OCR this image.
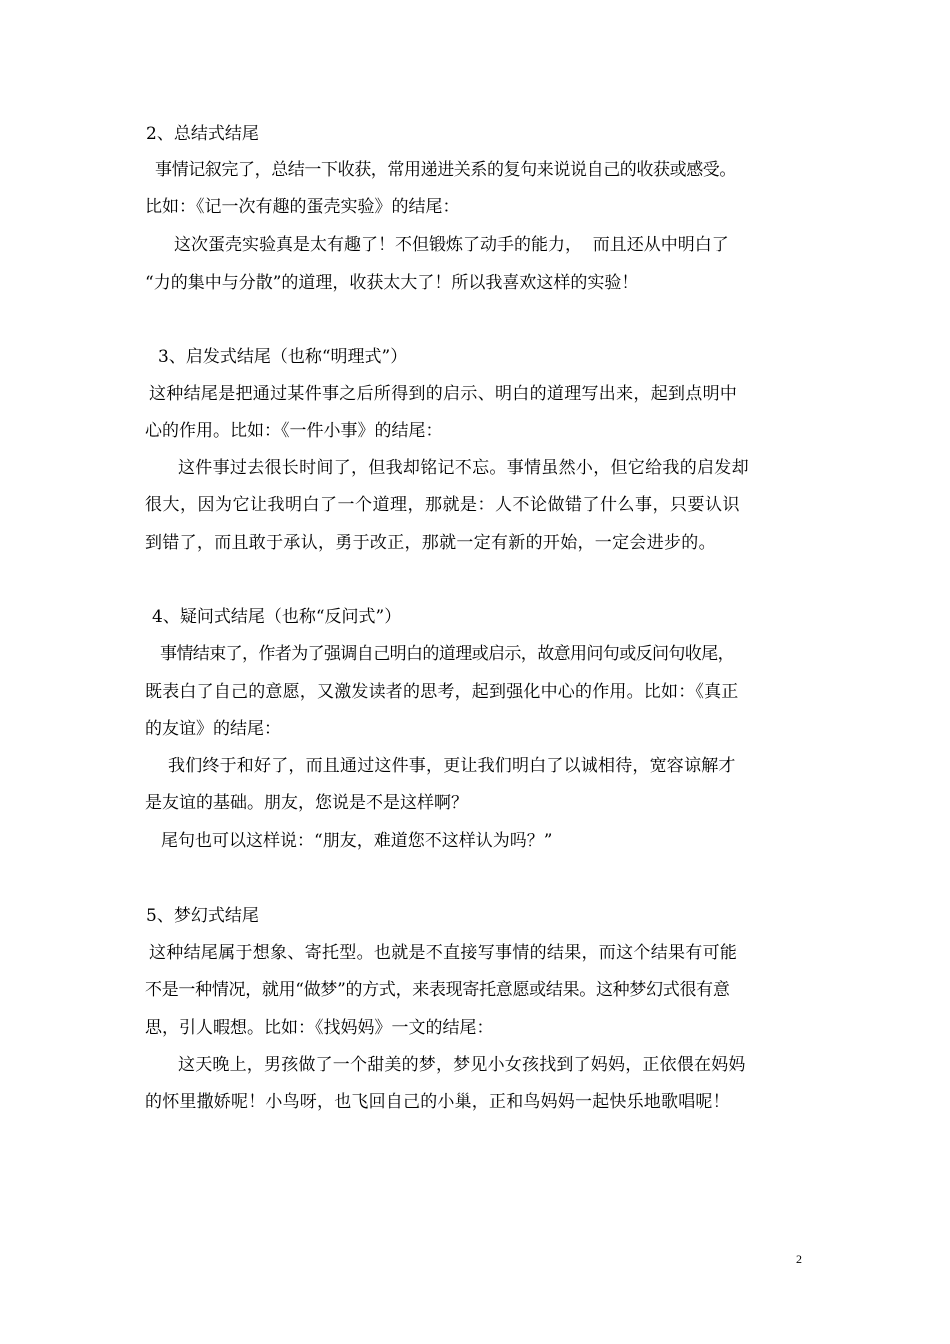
2、总结式结尾
事情记叙完了，总结一下收获，常用递进关系的复句来说说自己的收获或感受。
比如：《记一次有趣的蛋壳实验》的结尾：
这次蛋壳实验真是太有趣了！不但锻炼了动手的能力，  而且还从中明白了
“力的集中与分散”的道理，收获太大了！所以我喜欢这样的实验！
3、启发式结尾（也称“明理式”）
这种结尾是把通过某件事之后所得到的启示、明白的道理写出来，起到点明中
心的作用。比如：《一件小事》的结尾：
这件事过去很长时间了，但我却铭记不忘。事情虽然小，但它给我的启发却
很大，因为它让我明白了一个道理，那就是：人不论做错了什么事，只要认识
到错了，而且敢于承认，勇于改正，那就一定有新的开始，一定会进步的。
4、疑问式结尾（也称“反问式”）
事情结束了，作者为了强调自己明白的道理或启示，故意用问句或反问句收尾，
既表白了自己的意愿，又激发读者的思考，起到强化中心的作用。比如：《真正
的友谊》的结尾：
我们终于和好了，而且通过这件事，更让我们明白了以诚相待，宽容谅解才
是友谊的基础。朋友，您说是不是这样啊？
尾句也可以这样说：“朋友，难道您不这样认为吗？”
5、梦幻式结尾
这种结尾属于想象、寄托型。也就是不直接写事情的结果，而这个结果有可能
不是一种情况，就用“做梦”的方式，来表现寄托意愿或结果。这种梦幻式很有意
思，引人暇想。比如：《找妈妈》一文的结尾：
这天晚上，男孩做了一个甜美的梦，梦见小女孩找到了妈妈，正依偎在妈妈
的怀里撒娇呢！小鸟呀，也飞回自己的小巢，正和鸟妈妈一起快乐地歌唱呢！
2
